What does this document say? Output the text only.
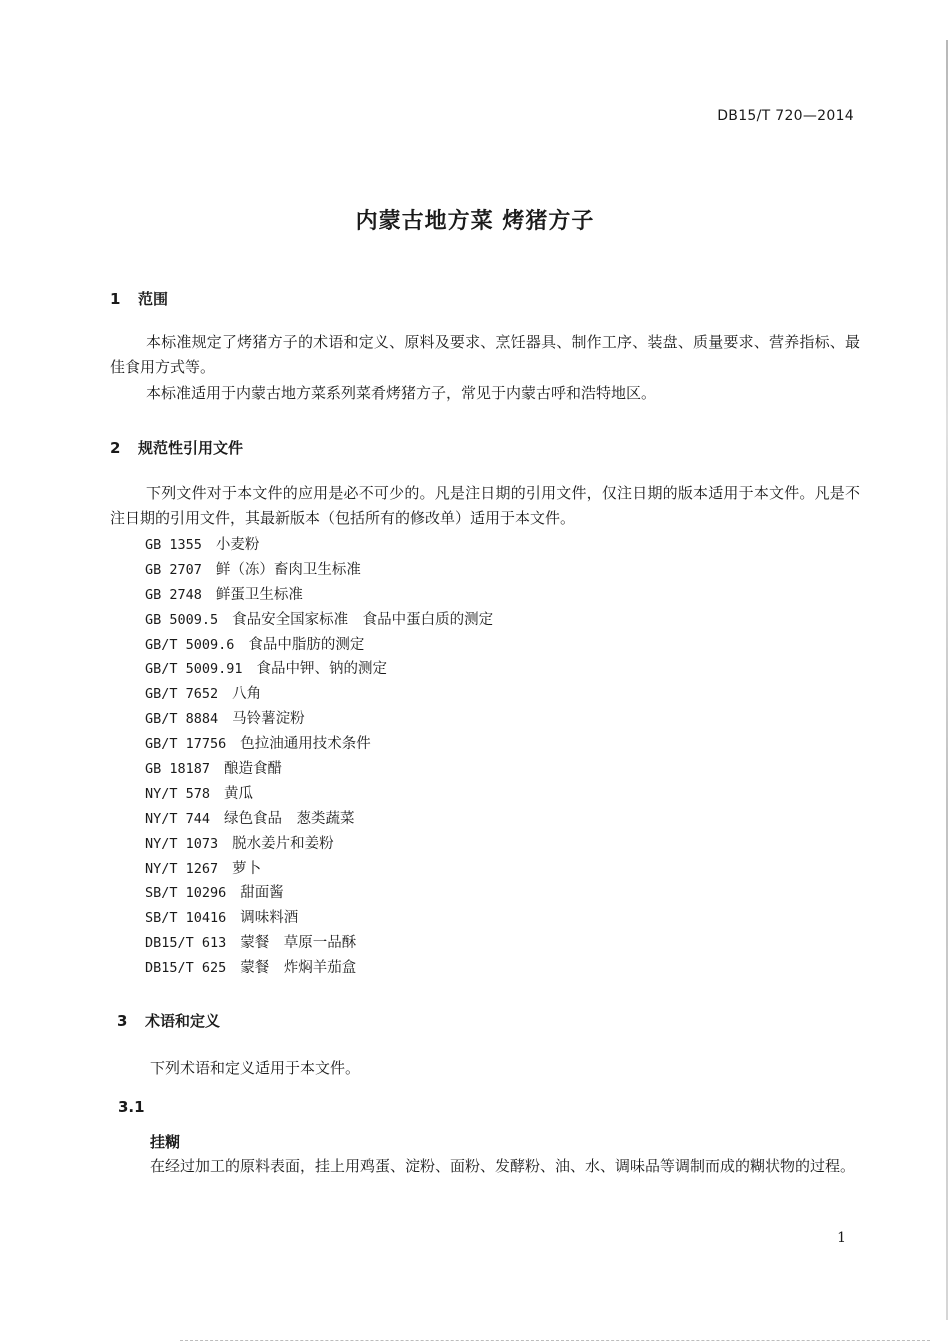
DB15/T 720—2014
内蒙古地方菜 烤猪方子
1 范围
本标准规定了烤猪方子的术语和定义、原料及要求、烹饪器具、制作工序、装盘、质量要求、营养指标、最佳食用方式等。
本标准适用于内蒙古地方菜系列菜肴烤猪方子，常见于内蒙古呼和浩特地区。
2 规范性引用文件
下列文件对于本文件的应用是必不可少的。凡是注日期的引用文件，仅注日期的版本适用于本文件。凡是不注日期的引用文件，其最新版本（包括所有的修改单）适用于本文件。
GB 1355 小麦粉
GB 2707 鲜（冻）畜肉卫生标准
GB 2748 鲜蛋卫生标准
GB 5009.5 食品安全国家标准　食品中蛋白质的测定
GB/T 5009.6 食品中脂肪的测定
GB/T 5009.91 食品中钾、钠的测定
GB/T 7652 八角
GB/T 8884 马铃薯淀粉
GB/T 17756 色拉油通用技术条件
GB 18187 酿造食醋
NY/T 578 黄瓜
NY/T 744 绿色食品　葱类蔬菜
NY/T 1073 脱水姜片和姜粉
NY/T 1267 萝卜
SB/T 10296 甜面酱
SB/T 10416 调味料酒
DB15/T 613 蒙餐　草原一品酥
DB15/T 625 蒙餐　炸焖羊茄盒
3 术语和定义
下列术语和定义适用于本文件。
3.1
挂糊
在经过加工的原料表面，挂上用鸡蛋、淀粉、面粉、发酵粉、油、水、调味品等调制而成的糊状物的过程。
1
